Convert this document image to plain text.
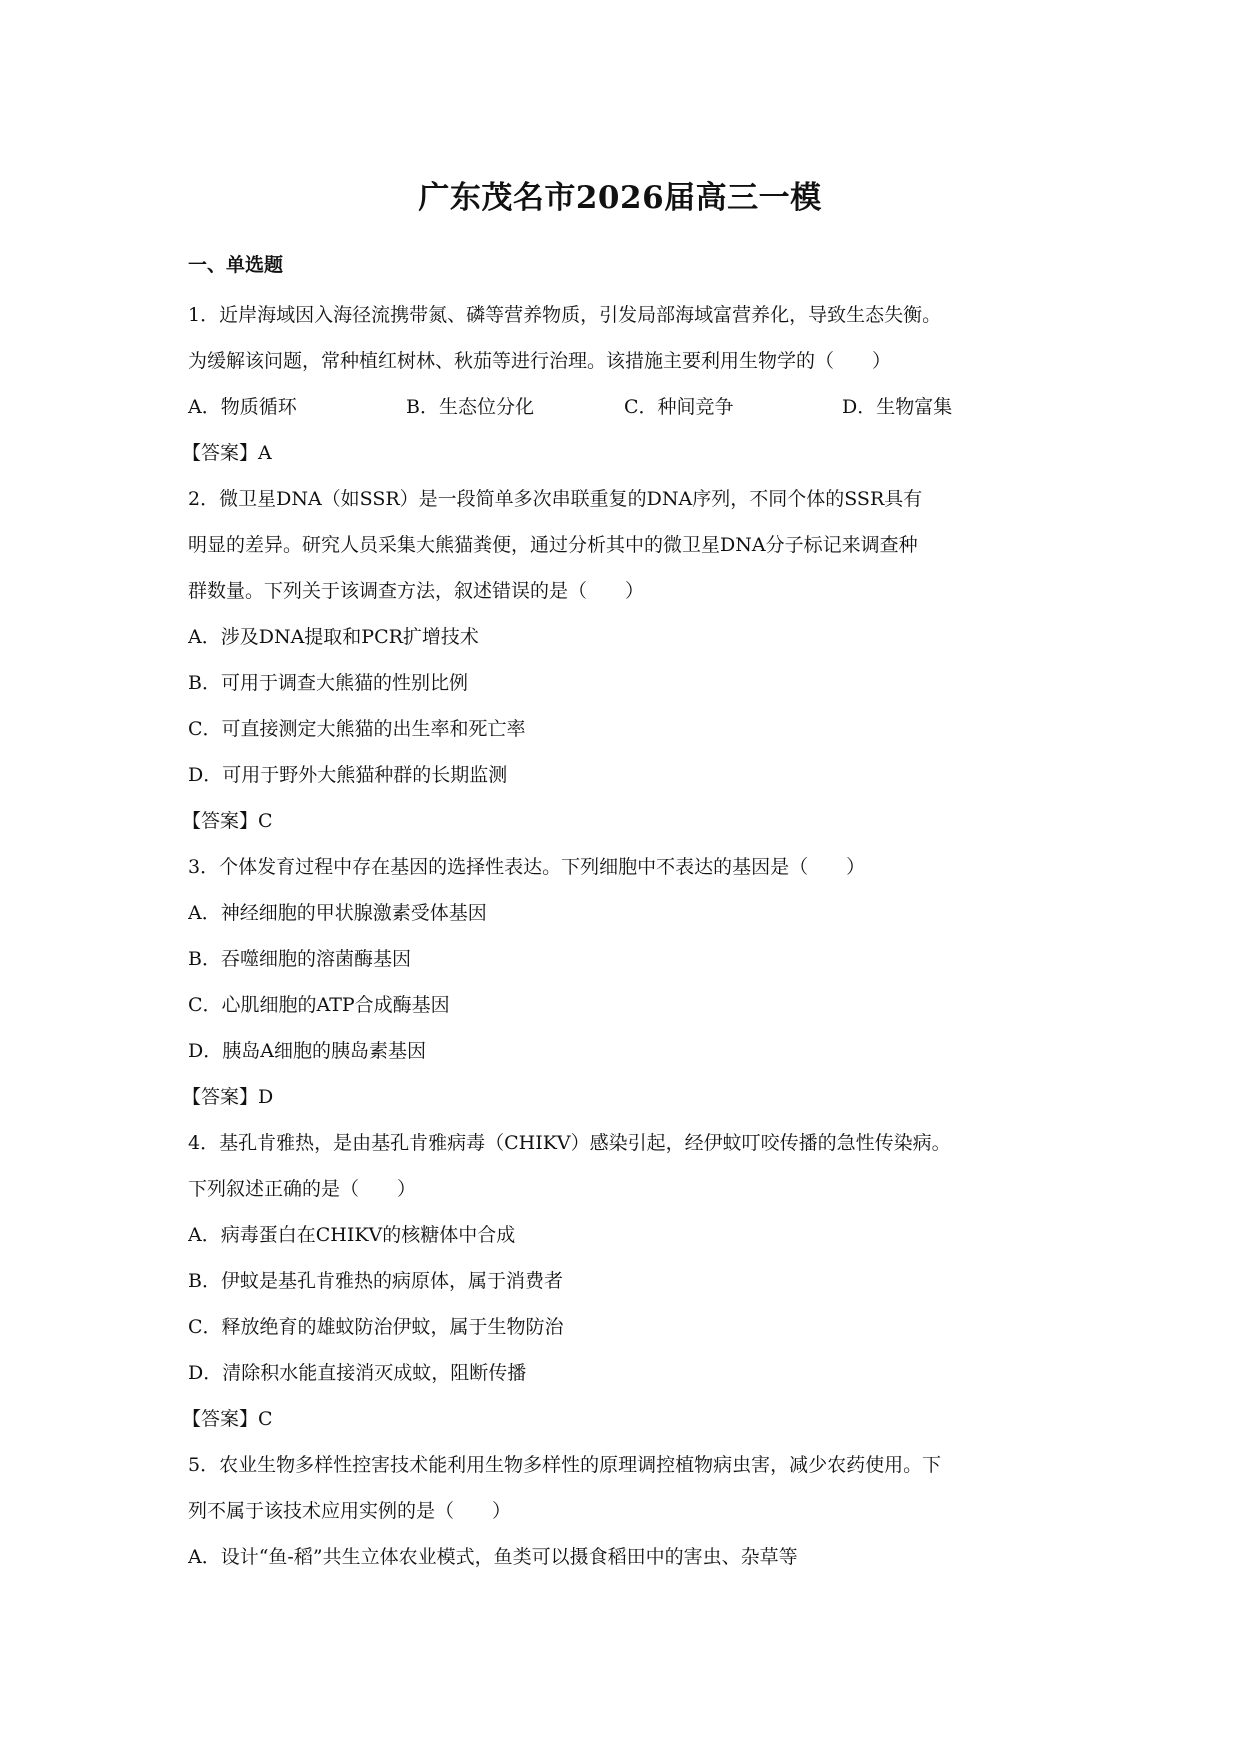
广东茂名市2026届高三一模
一、单选题
1．近岸海域因入海径流携带氮、磷等营养物质，引发局部海域富营养化，导致生态失衡。
为缓解该问题，常种植红树林、秋茄等进行治理。该措施主要利用生物学的（　　）
A．物质循环	B．生态位分化	C．种间竞争	D．生物富集
【答案】A
2．微卫星DNA（如SSR）是一段简单多次串联重复的DNA序列，不同个体的SSR具有
明显的差异。研究人员采集大熊猫粪便，通过分析其中的微卫星DNA分子标记来调查种
群数量。下列关于该调查方法，叙述错误的是（　　）
A．涉及DNA提取和PCR扩增技术
B．可用于调查大熊猫的性别比例
C．可直接测定大熊猫的出生率和死亡率
D．可用于野外大熊猫种群的长期监测
【答案】C
3．个体发育过程中存在基因的选择性表达。下列细胞中不表达的基因是（　　）
A．神经细胞的甲状腺激素受体基因
B．吞噬细胞的溶菌酶基因
C．心肌细胞的ATP合成酶基因
D．胰岛A细胞的胰岛素基因
【答案】D
4．基孔肯雅热，是由基孔肯雅病毒（CHIKV）感染引起，经伊蚊叮咬传播的急性传染病。
下列叙述正确的是（　　）
A．病毒蛋白在CHIKV的核糖体中合成
B．伊蚊是基孔肯雅热的病原体，属于消费者
C．释放绝育的雄蚊防治伊蚊，属于生物防治
D．清除积水能直接消灭成蚊，阻断传播
【答案】C
5．农业生物多样性控害技术能利用生物多样性的原理调控植物病虫害，减少农药使用。下
列不属于该技术应用实例的是（　　）
A．设计“鱼-稻”共生立体农业模式，鱼类可以摄食稻田中的害虫、杂草等
